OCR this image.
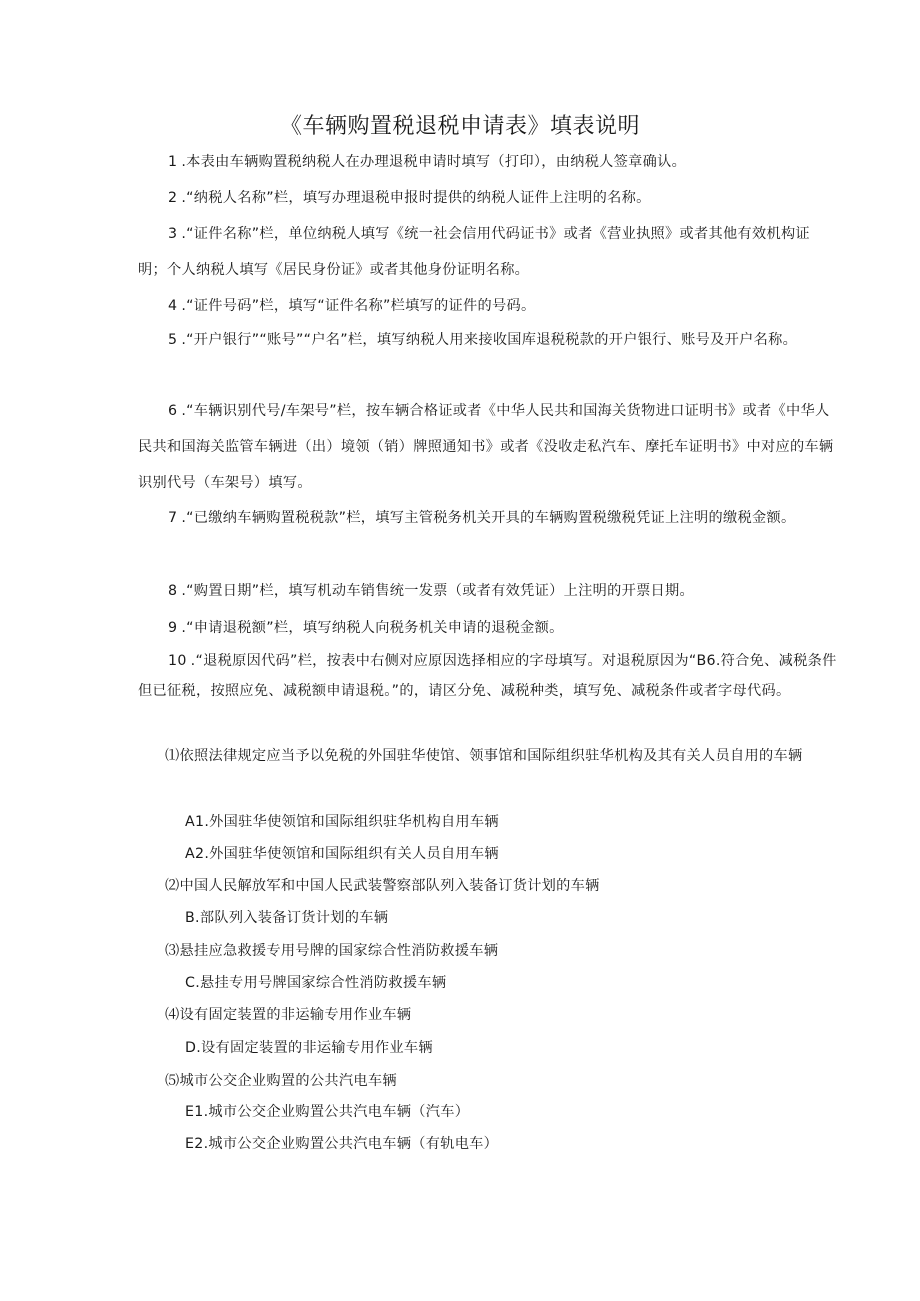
《车辆购置税退税申请表》填表说明
1 .本表由车辆购置税纳税人在办理退税申请时填写（打印），由纳税人签章确认。
2 .“纳税人名称”栏，填写办理退税申报时提供的纳税人证件上注明的名称。
3 .“证件名称”栏，单位纳税人填写《统一社会信用代码证书》或者《营业执照》或者其他有效机构证明；个人纳税人填写《居民身份证》或者其他身份证明名称。
4 .“证件号码”栏，填写“证件名称”栏填写的证件的号码。
5 .“开户银行”“账号”“户名”栏，填写纳税人用来接收国库退税税款的开户银行、账号及开户名称。
6 .“车辆识别代号/车架号”栏，按车辆合格证或者《中华人民共和国海关货物进口证明书》或者《中华人民共和国海关监管车辆进（出）境领（销）牌照通知书》或者《没收走私汽车、摩托车证明书》中对应的车辆识别代号（车架号）填写。
7 .“已缴纳车辆购置税税款”栏，填写主管税务机关开具的车辆购置税缴税凭证上注明的缴税金额。
8 .“购置日期”栏，填写机动车销售统一发票（或者有效凭证）上注明的开票日期。
9 .“申请退税额”栏，填写纳税人向税务机关申请的退税金额。
10 .“退税原因代码”栏，按表中右侧对应原因选择相应的字母填写。对退税原因为“B6.符合免、减税条件但已征税，按照应免、减税额申请退税。”的，请区分免、减税种类，填写免、减税条件或者字母代码。
⑴依照法律规定应当予以免税的外国驻华使馆、领事馆和国际组织驻华机构及其有关人员自用的车辆
A1.外国驻华使领馆和国际组织驻华机构自用车辆
A2.外国驻华使领馆和国际组织有关人员自用车辆
⑵中国人民解放军和中国人民武装警察部队列入装备订货计划的车辆
B.部队列入装备订货计划的车辆
⑶悬挂应急救援专用号牌的国家综合性消防救援车辆
C.悬挂专用号牌国家综合性消防救援车辆
⑷设有固定装置的非运输专用作业车辆
D.设有固定装置的非运输专用作业车辆
⑸城市公交企业购置的公共汽电车辆
E1.城市公交企业购置公共汽电车辆（汽车）
E2.城市公交企业购置公共汽电车辆（有轨电车）
